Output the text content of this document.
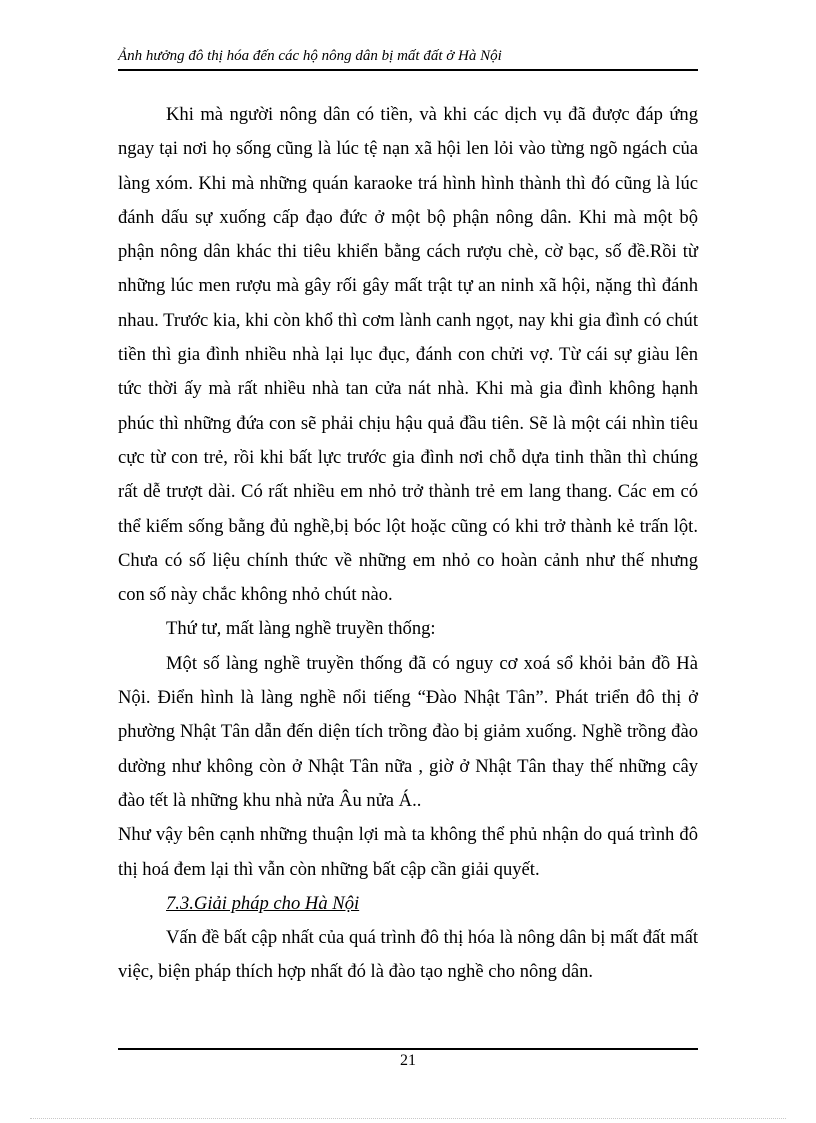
Ảnh hưởng đô thị hóa đến các hộ nông dân bị mất đất ở Hà Nội

Khi mà người nông dân có tiền, và khi các dịch vụ đã được đáp ứng ngay tại nơi họ sống cũng là lúc tệ nạn xã hội len lỏi vào từng ngõ ngách của làng xóm. Khi mà những quán karaoke trá hình hình thành thì đó cũng là lúc đánh dấu sự xuống cấp đạo đức ở một bộ phận nông dân. Khi mà một bộ phận nông dân khác thi tiêu khiển bằng cách rượu chè, cờ bạc, số đề.Rồi từ những lúc men rượu mà gây rối gây mất trật tự an ninh xã hội, nặng thì đánh nhau. Trước kia, khi còn khổ thì cơm lành canh ngọt, nay khi gia đình có chút tiền thì gia đình nhiều nhà lại lục đục, đánh con chửi vợ. Từ cái sự giàu lên tức thời ấy mà rất nhiều nhà tan cửa nát nhà. Khi mà gia đình không hạnh phúc thì những đứa con sẽ phải chịu hậu quả đầu tiên. Sẽ là một cái nhìn tiêu cực từ con trẻ, rồi khi bất lực trước gia đình nơi chỗ dựa tinh thần thì chúng rất dễ trượt dài. Có rất nhiều em nhỏ trở thành trẻ em lang thang. Các em có thể kiếm sống bằng đủ nghề,bị bóc lột hoặc cũng có khi trở thành kẻ trấn lột. Chưa có số liệu chính thức về những em nhỏ co hoàn cảnh như thế nhưng con số này chắc không nhỏ chút nào.

Thứ tư, mất làng nghề truyền thống:

Một số làng nghề truyền thống đã có nguy cơ xoá sổ khỏi bản đồ Hà Nội. Điển hình là làng nghề nổi tiếng “Đào Nhật Tân”. Phát triển đô thị ở phường Nhật Tân dẫn đến diện tích trồng đào bị giảm xuống. Nghề trồng đào dường như không còn ở Nhật Tân nữa , giờ ở Nhật Tân thay thế những cây đào tết là những khu nhà nửa Âu nửa Á..

Như vậy bên cạnh những thuận lợi mà ta không thể phủ nhận do quá trình đô thị hoá đem lại thì vẫn còn những bất cập cần giải quyết.

7.3.Giải pháp cho Hà Nội

Vấn đề bất cập nhất của quá trình đô thị hóa là nông dân bị mất đất mất việc, biện pháp thích hợp nhất đó là đào tạo nghề cho nông dân.

21
